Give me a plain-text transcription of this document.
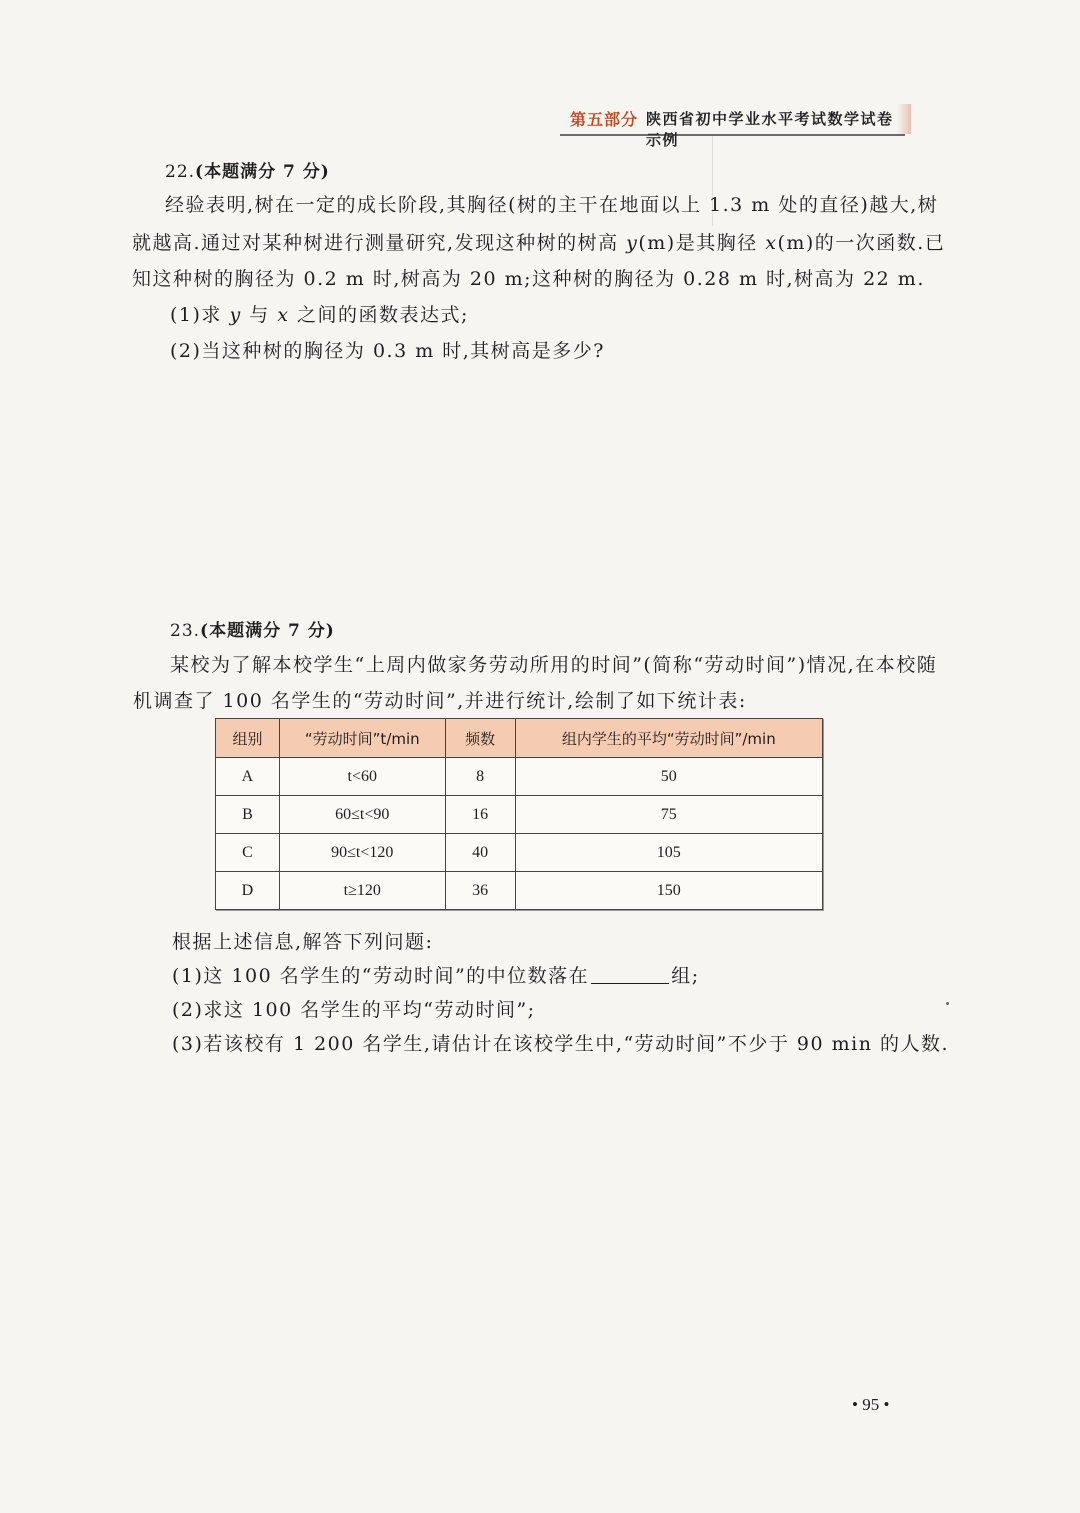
第五部分 陕西省初中学业水平考试数学试卷示例
22.(本题满分 7 分)
经验表明,树在一定的成长阶段,其胸径(树的主干在地面以上 1.3 m 处的直径)越大,树
就越高.通过对某种树进行测量研究,发现这种树的树高 y(m)是其胸径 x(m)的一次函数.已
知这种树的胸径为 0.2 m 时,树高为 20 m;这种树的胸径为 0.28 m 时,树高为 22 m.
(1)求 y 与 x 之间的函数表达式;
(2)当这种树的胸径为 0.3 m 时,其树高是多少?
23.(本题满分 7 分)
某校为了解本校学生“上周内做家务劳动所用的时间”(简称“劳动时间”)情况,在本校随
机调查了 100 名学生的“劳动时间”,并进行统计,绘制了如下统计表:
组别	“劳动时间”t/min	频数	组内学生的平均“劳动时间”/min
A	t<60	8	50
B	60≤t<90	16	75
C	90≤t<120	40	105
D	t≥120	36	150
根据上述信息,解答下列问题:
(1)这 100 名学生的“劳动时间”的中位数落在	组;
(2)求这 100 名学生的平均“劳动时间”;
(3)若该校有 1 200 名学生,请估计在该校学生中,“劳动时间”不少于 90 min 的人数.
• 95 •
